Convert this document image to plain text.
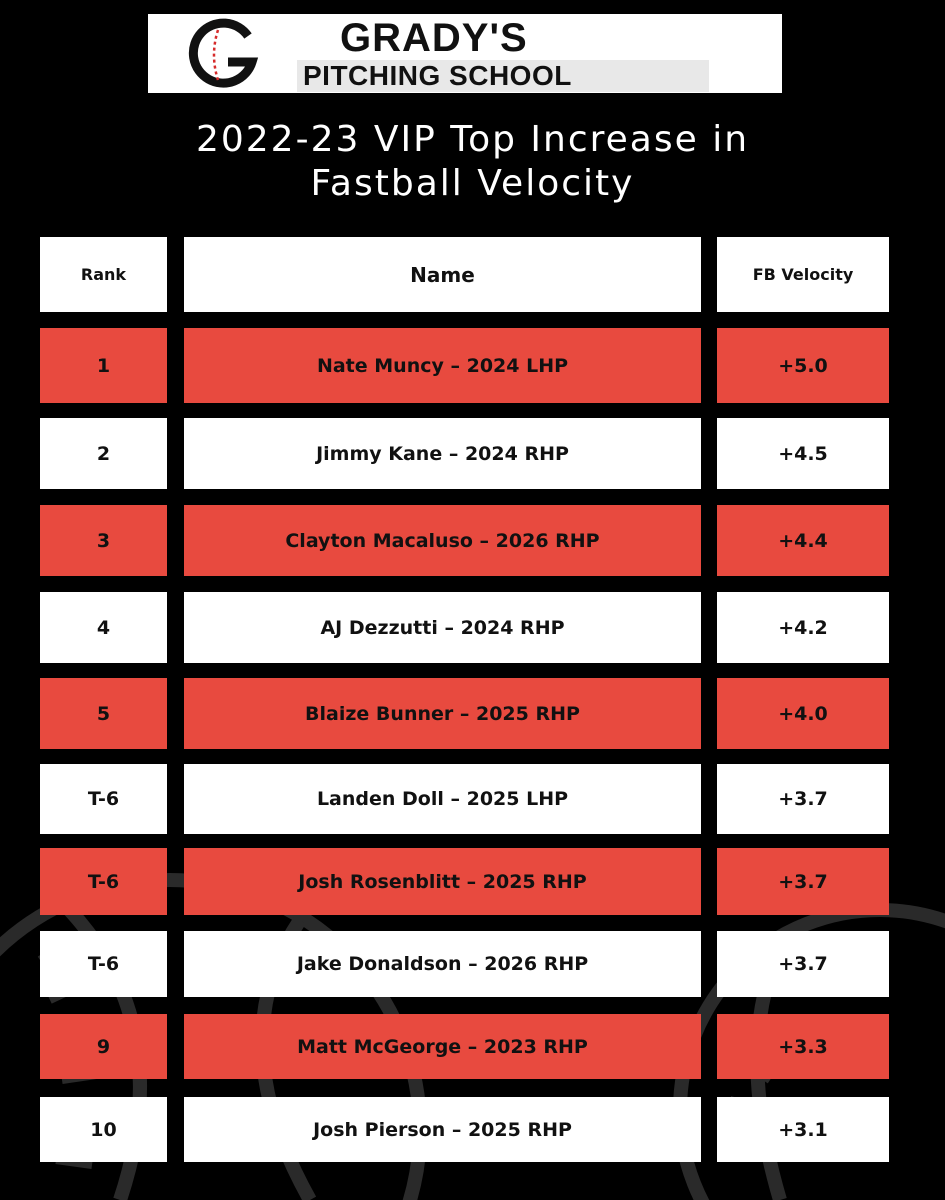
GRADY'S
PITCHING SCHOOL
2022-23 VIP Top Increase in
Fastball Velocity
Rank	Name	FB Velocity
1	Nate Muncy – 2024 LHP	+5.0
2	Jimmy Kane – 2024 RHP	+4.5
3	Clayton Macaluso – 2026 RHP	+4.4
4	AJ Dezzutti – 2024 RHP	+4.2
5	Blaize Bunner – 2025 RHP	+4.0
T-6	Landen Doll – 2025 LHP	+3.7
T-6	Josh Rosenblitt – 2025 RHP	+3.7
T-6	Jake Donaldson – 2026 RHP	+3.7
9	Matt McGeorge – 2023 RHP	+3.3
10	Josh Pierson – 2025 RHP	+3.1
